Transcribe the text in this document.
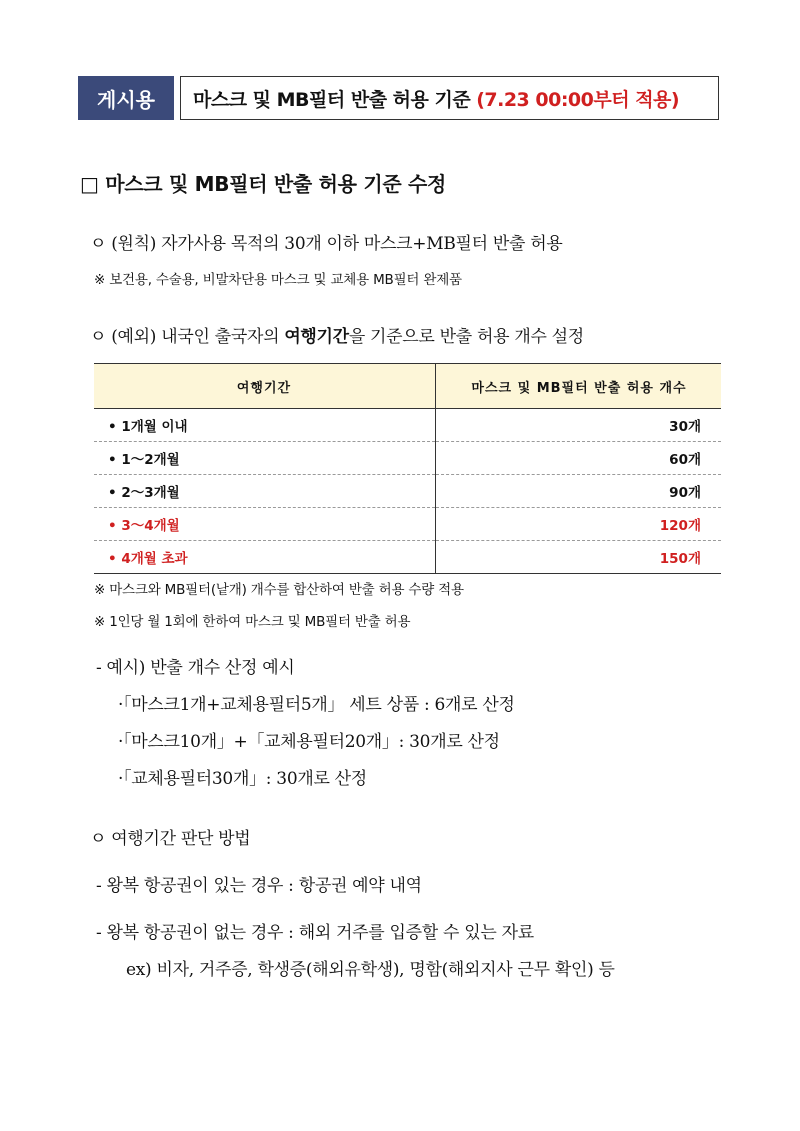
게시용	마스크 및 MB필터 반출 허용 기준 (7.23 00:00부터 적용)
□ 마스크 및 MB필터 반출 허용 기준 수정
ㅇ (원칙) 자가사용 목적의 30개 이하 마스크+MB필터 반출 허용
※ 보건용, 수술용, 비말차단용 마스크 및 교체용 MB필터 완제품
ㅇ (예외) 내국인 출국자의 여행기간을 기준으로 반출 허용 개수 설정
여행기간	마스크 및 MB필터 반출 허용 개수
• 1개월 이내	30개
• 1～2개월	60개
• 2～3개월	90개
• 3～4개월	120개
• 4개월 초과	150개
※ 마스크와 MB필터(낱개) 개수를 합산하여 반출 허용 수량 적용
※ 1인당 월 1회에 한하여 마스크 및 MB필터 반출 허용
- 예시) 반출 개수 산정 예시
·「마스크1개+교체용필터5개」 세트 상품 : 6개로 산정
·「마스크10개」+「교체용필터20개」: 30개로 산정
·「교체용필터30개」: 30개로 산정
ㅇ 여행기간 판단 방법
- 왕복 항공권이 있는 경우 : 항공권 예약 내역
- 왕복 항공권이 없는 경우 : 해외 거주를 입증할 수 있는 자료
ex) 비자, 거주증, 학생증(해외유학생), 명함(해외지사 근무 확인) 등
